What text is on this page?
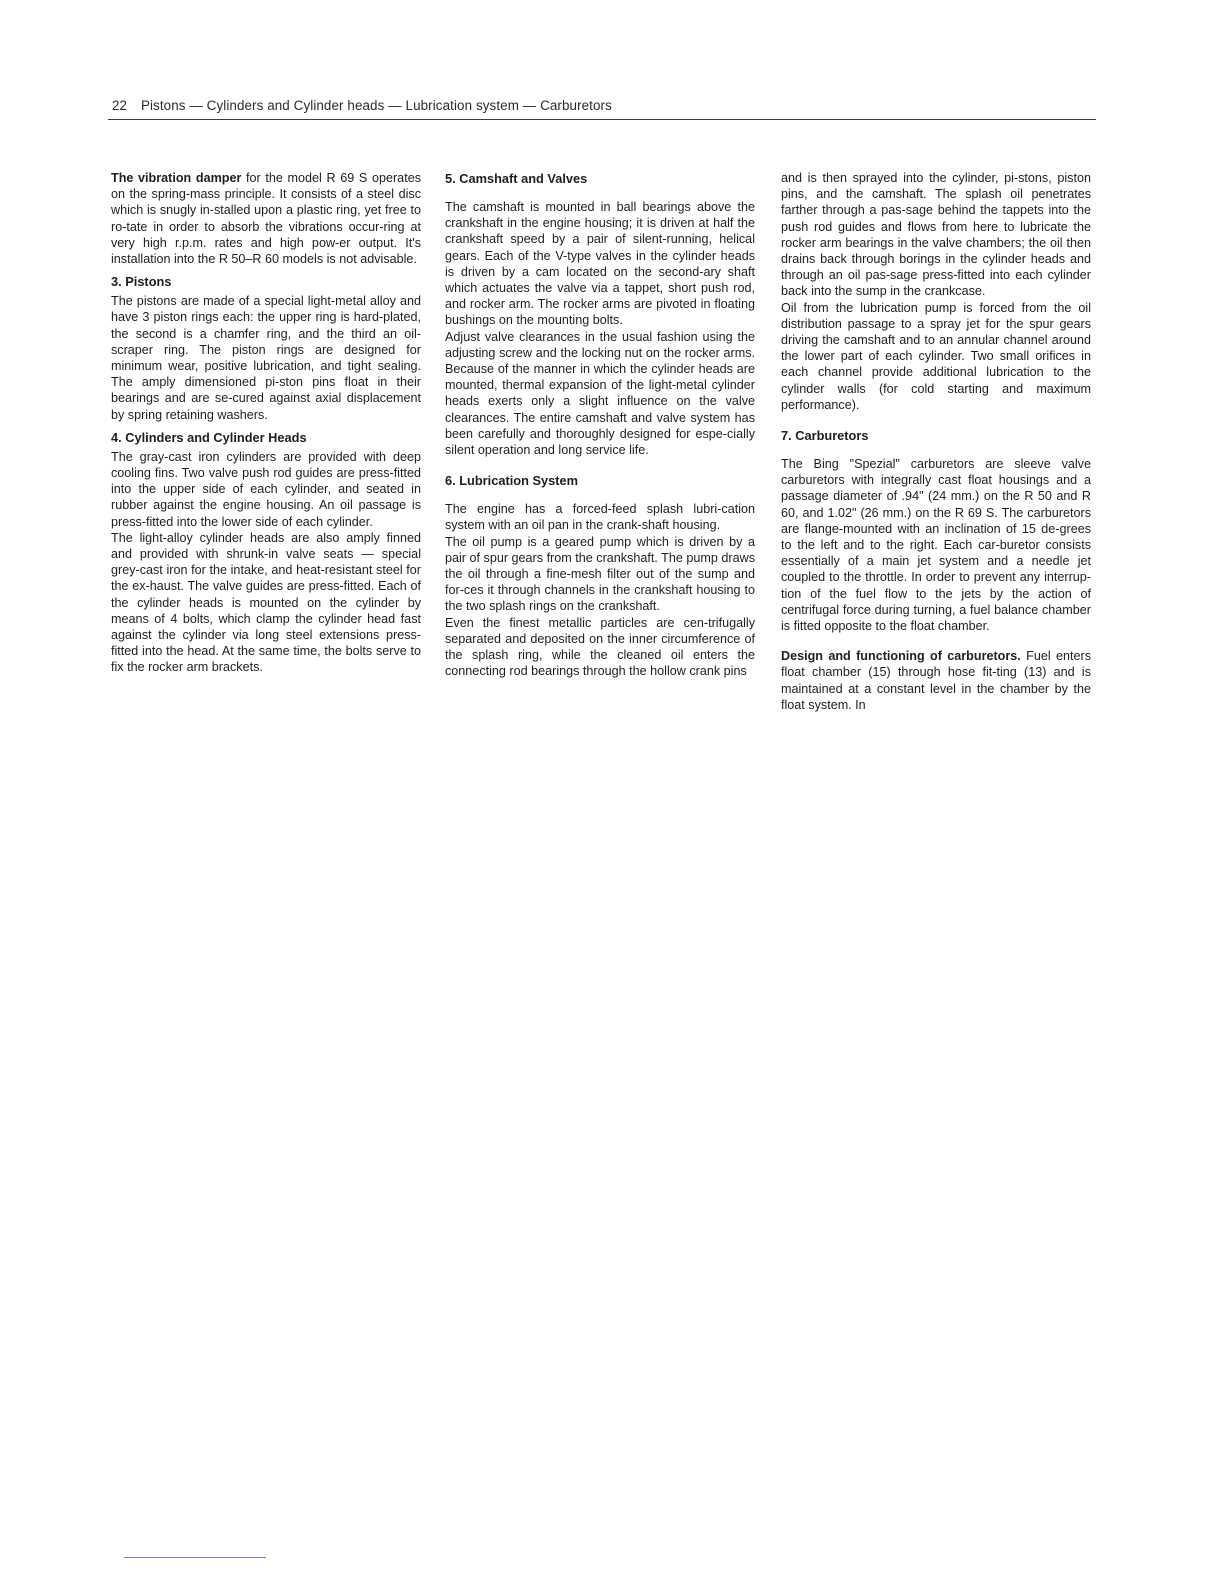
22 Pistons — Cylinders and Cylinder heads — Lubrication system — Carburetors

The vibration damper for the model R 69 S operates on the spring-mass principle. It consists of a steel disc which is snugly in-stalled upon a plastic ring, yet free to ro-tate in order to absorb the vibrations occur-ring at very high r.p.m. rates and high pow-er output. It's installation into the R 50–R 60 models is not advisable.

3. Pistons

The pistons are made of a special light-metal alloy and have 3 piston rings each: the upper ring is hard-plated, the second is a chamfer ring, and the third an oil-scraper ring. The piston rings are designed for minimum wear, positive lubrication, and tight sealing. The amply dimensioned pi-ston pins float in their bearings and are se-cured against axial displacement by spring retaining washers.

4. Cylinders and Cylinder Heads

The gray-cast iron cylinders are provided with deep cooling fins. Two valve push rod guides are press-fitted into the upper side of each cylinder, and seated in rubber against the engine housing. An oil passage is press-fitted into the lower side of each cylinder.

The light-alloy cylinder heads are also amply finned and provided with shrunk-in valve seats — special grey-cast iron for the intake, and heat-resistant steel for the ex-haust. The valve guides are press-fitted. Each of the cylinder heads is mounted on the cylinder by means of 4 bolts, which clamp the cylinder head fast against the cylinder via long steel extensions press-fitted into the head. At the same time, the bolts serve to fix the rocker arm brackets.

5. Camshaft and Valves

The camshaft is mounted in ball bearings above the crankshaft in the engine housing; it is driven at half the crankshaft speed by a pair of silent-running, helical gears. Each of the V-type valves in the cylinder heads is driven by a cam located on the second-ary shaft which actuates the valve via a tappet, short push rod, and rocker arm. The rocker arms are pivoted in floating bushings on the mounting bolts.

Adjust valve clearances in the usual fashion using the adjusting screw and the locking nut on the rocker arms. Because of the manner in which the cylinder heads are mounted, thermal expansion of the light-metal cylinder heads exerts only a slight influence on the valve clearances. The entire camshaft and valve system has been carefully and thoroughly designed for espe-cially silent operation and long service life.

6. Lubrication System

The engine has a forced-feed splash lubri-cation system with an oil pan in the crank-shaft housing.

The oil pump is a geared pump which is driven by a pair of spur gears from the crankshaft. The pump draws the oil through a fine-mesh filter out of the sump and for-ces it through channels in the crankshaft housing to the two splash rings on the crankshaft.

Even the finest metallic particles are cen-trifugally separated and deposited on the inner circumference of the splash ring, while the cleaned oil enters the connecting rod bearings through the hollow crank pins

and is then sprayed into the cylinder, pi-stons, piston pins, and the camshaft. The splash oil penetrates farther through a pas-sage behind the tappets into the push rod guides and flows from here to lubricate the rocker arm bearings in the valve chambers; the oil then drains back through borings in the cylinder heads and through an oil pas-sage press-fitted into each cylinder back into the sump in the crankcase.

Oil from the lubrication pump is forced from the oil distribution passage to a spray jet for the spur gears driving the camshaft and to an annular channel around the lower part of each cylinder. Two small orifices in each channel provide additional lubrication to the cylinder walls (for cold starting and maximum performance).

7. Carburetors

The Bing "Spezial" carburetors are sleeve valve carburetors with integrally cast float housings and a passage diameter of .94" (24 mm.) on the R 50 and R 60, and 1.02" (26 mm.) on the R 69 S. The carburetors are flange-mounted with an inclination of 15 de-grees to the left and to the right. Each car-buretor consists essentially of a main jet system and a needle jet coupled to the throttle. In order to prevent any interrup-tion of the fuel flow to the jets by the action of centrifugal force during turning, a fuel balance chamber is fitted opposite to the float chamber.

Design and functioning of carburetors. Fuel enters float chamber (15) through hose fit-ting (13) and is maintained at a constant level in the chamber by the float system. In
